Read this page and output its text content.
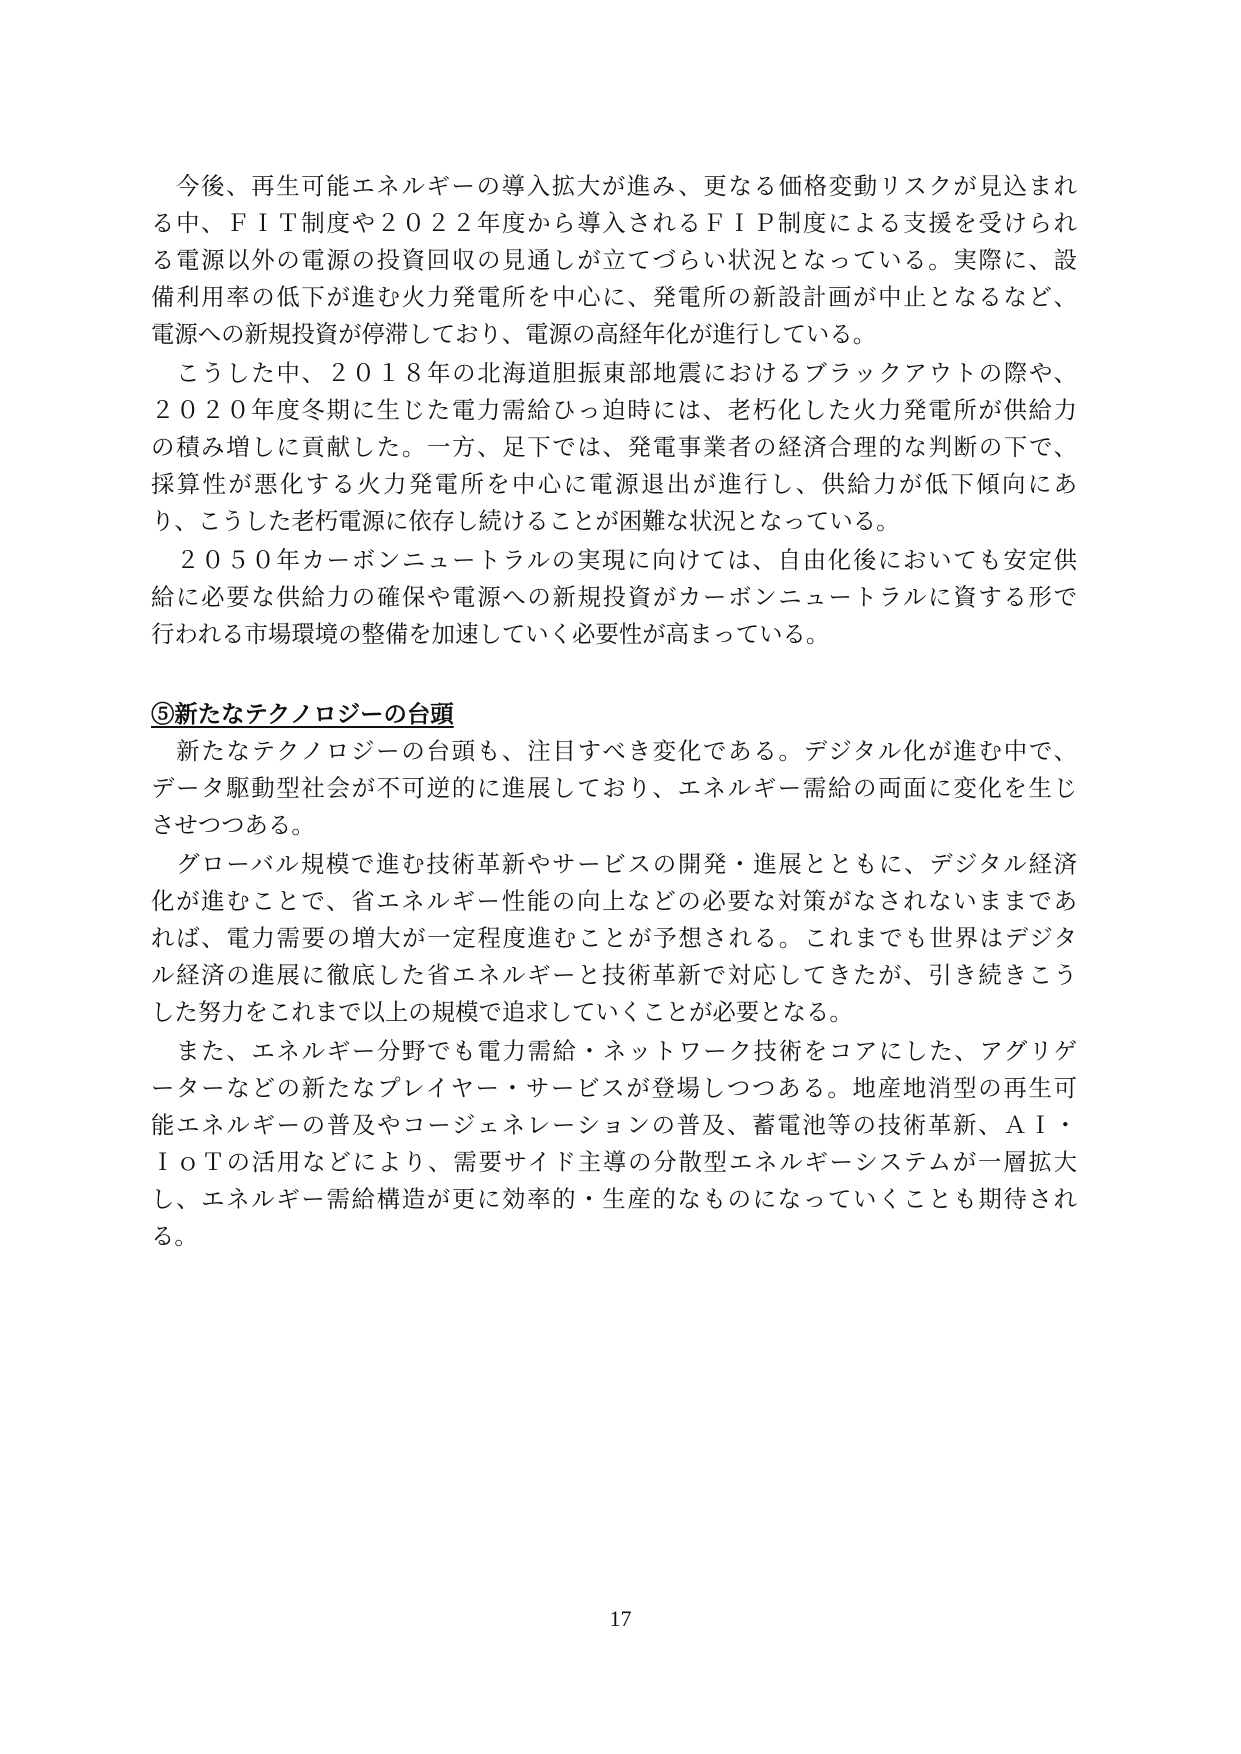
　今後、再生可能エネルギーの導入拡大が進み、更なる価格変動リスクが見込まれ

る中、ＦＩＴ制度や２０２２年度から導入されるＦＩＰ制度による支援を受けられ

る電源以外の電源の投資回収の見通しが立てづらい状況となっている。実際に、設

備利用率の低下が進む火力発電所を中心に、発電所の新設計画が中止となるなど、

電源への新規投資が停滞しており、電源の高経年化が進行している。

　こうした中、２０１８年の北海道胆振東部地震におけるブラックアウトの際や、

２０２０年度冬期に生じた電力需給ひっ迫時には、老朽化した火力発電所が供給力

の積み増しに貢献した。一方、足下では、発電事業者の経済合理的な判断の下で、

採算性が悪化する火力発電所を中心に電源退出が進行し、供給力が低下傾向にあ

り、こうした老朽電源に依存し続けることが困難な状況となっている。

　２０５０年カーボンニュートラルの実現に向けては、自由化後においても安定供

給に必要な供給力の確保や電源への新規投資がカーボンニュートラルに資する形で

行われる市場環境の整備を加速していく必要性が高まっている。

⑤新たなテクノロジーの台頭

　新たなテクノロジーの台頭も、注目すべき変化である。デジタル化が進む中で、

データ駆動型社会が不可逆的に進展しており、エネルギー需給の両面に変化を生じ

させつつある。

　グローバル規模で進む技術革新やサービスの開発・進展とともに、デジタル経済

化が進むことで、省エネルギー性能の向上などの必要な対策がなされないままであ

れば、電力需要の増大が一定程度進むことが予想される。これまでも世界はデジタ

ル経済の進展に徹底した省エネルギーと技術革新で対応してきたが、引き続きこう

した努力をこれまで以上の規模で追求していくことが必要となる。

　また、エネルギー分野でも電力需給・ネットワーク技術をコアにした、アグリゲ

ーターなどの新たなプレイヤー・サービスが登場しつつある。地産地消型の再生可

能エネルギーの普及やコージェネレーションの普及、蓄電池等の技術革新、ＡＩ・

ＩｏＴの活用などにより、需要サイド主導の分散型エネルギーシステムが一層拡大

し、エネルギー需給構造が更に効率的・生産的なものになっていくことも期待され

る。

17
